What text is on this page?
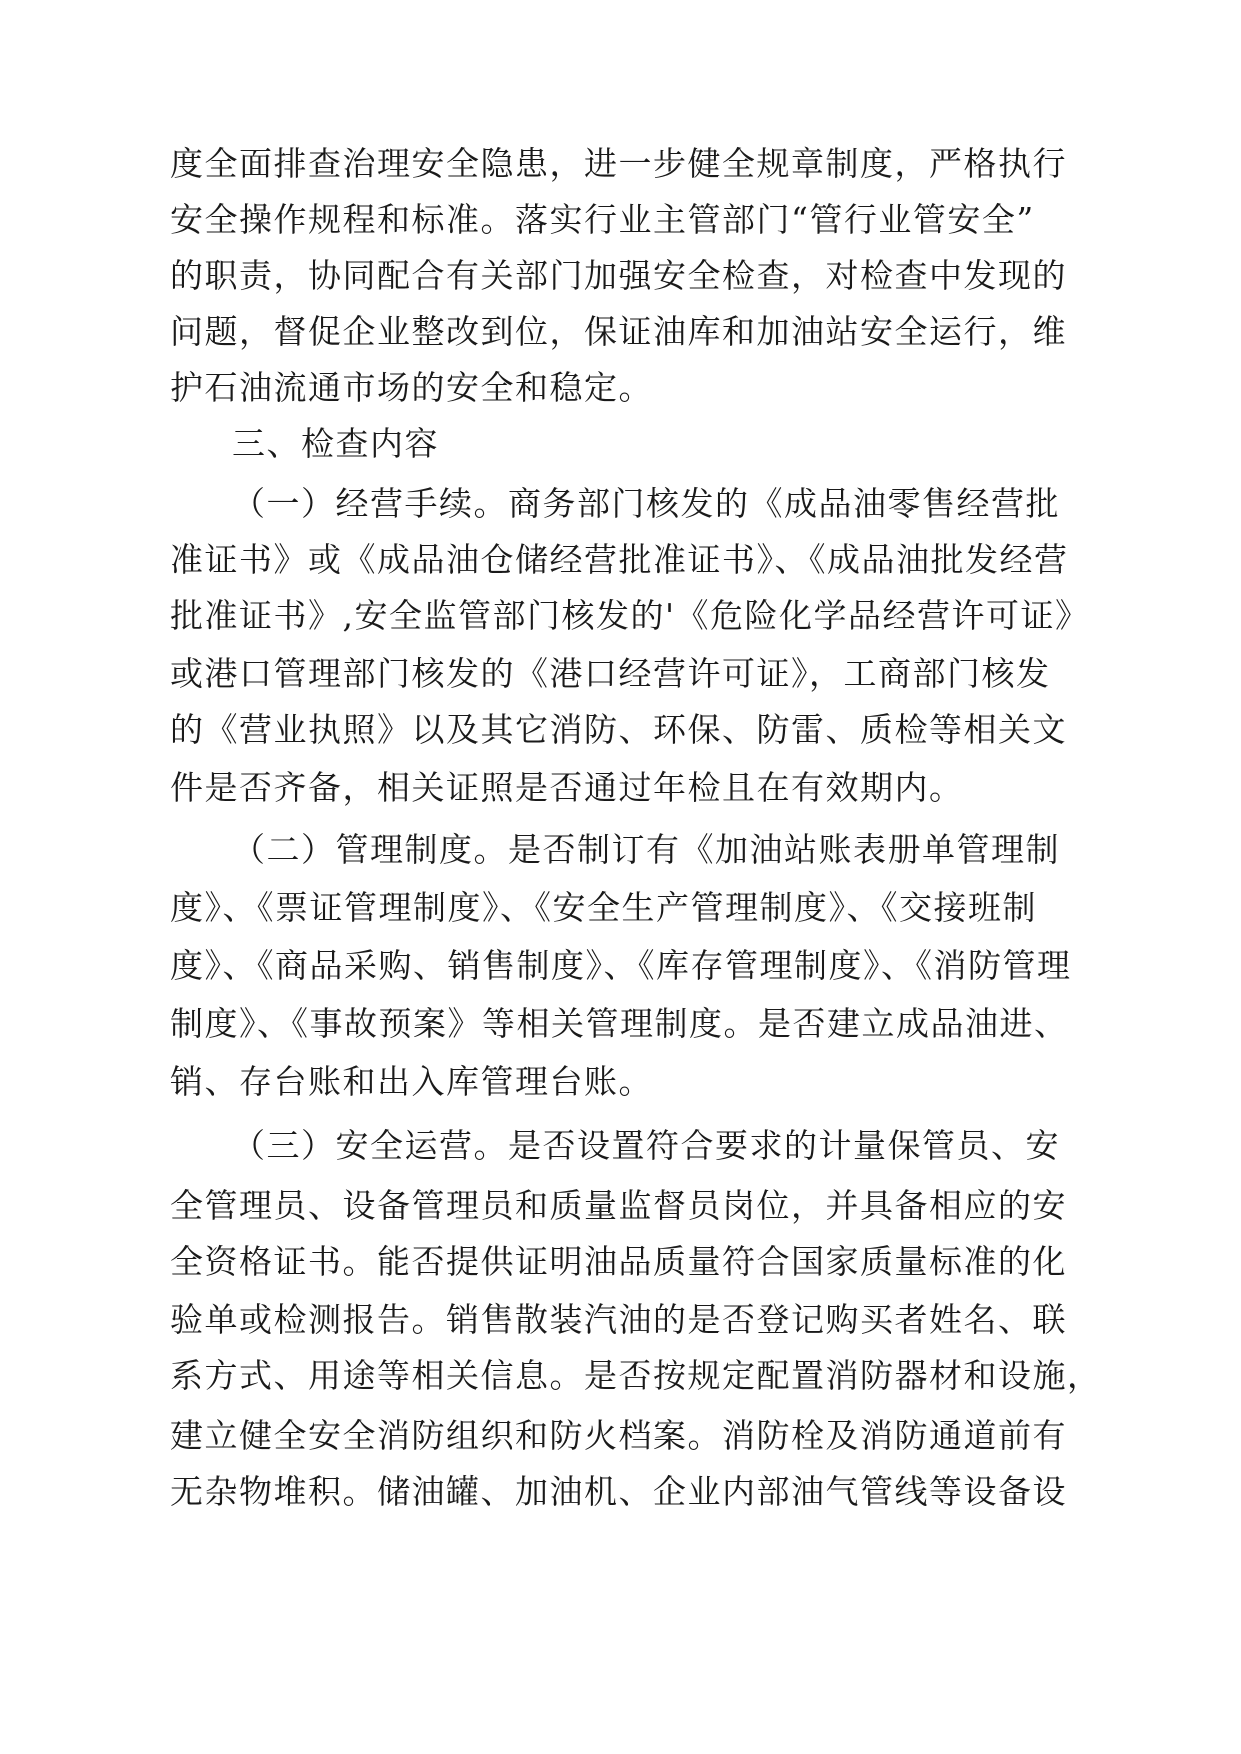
度全面排查治理安全隐患，进一步健全规章制度，严格执行
安全操作规程和标准。落实行业主管部门“管行业管安全”
的职责，协同配合有关部门加强安全检查，对检查中发现的
问题，督促企业整改到位，保证油库和加油站安全运行，维
护石油流通市场的安全和稳定。
三、检查内容
（一）经营手续。商务部门核发的《成品油零售经营批
准证书》或《成品油仓储经营批准证书》、《成品油批发经营
批准证书》,安全监管部门核发的'《危险化学品经营许可证》
或港口管理部门核发的《港口经营许可证》，工商部门核发
的《营业执照》以及其它消防、环保、防雷、质检等相关文
件是否齐备，相关证照是否通过年检且在有效期内。
（二）管理制度。是否制订有《加油站账表册单管理制
度》、《票证管理制度》、《安全生产管理制度》、《交接班制
度》、《商品采购、销售制度》、《库存管理制度》、《消防管理
制度》、《事故预案》等相关管理制度。是否建立成品油进、
销、存台账和出入库管理台账。
（三）安全运营。是否设置符合要求的计量保管员、安
全管理员、设备管理员和质量监督员岗位，并具备相应的安
全资格证书。能否提供证明油品质量符合国家质量标准的化
验单或检测报告。销售散装汽油的是否登记购买者姓名、联
系方式、用途等相关信息。是否按规定配置消防器材和设施，
建立健全安全消防组织和防火档案。消防栓及消防通道前有
无杂物堆积。储油罐、加油机、企业内部油气管线等设备设
